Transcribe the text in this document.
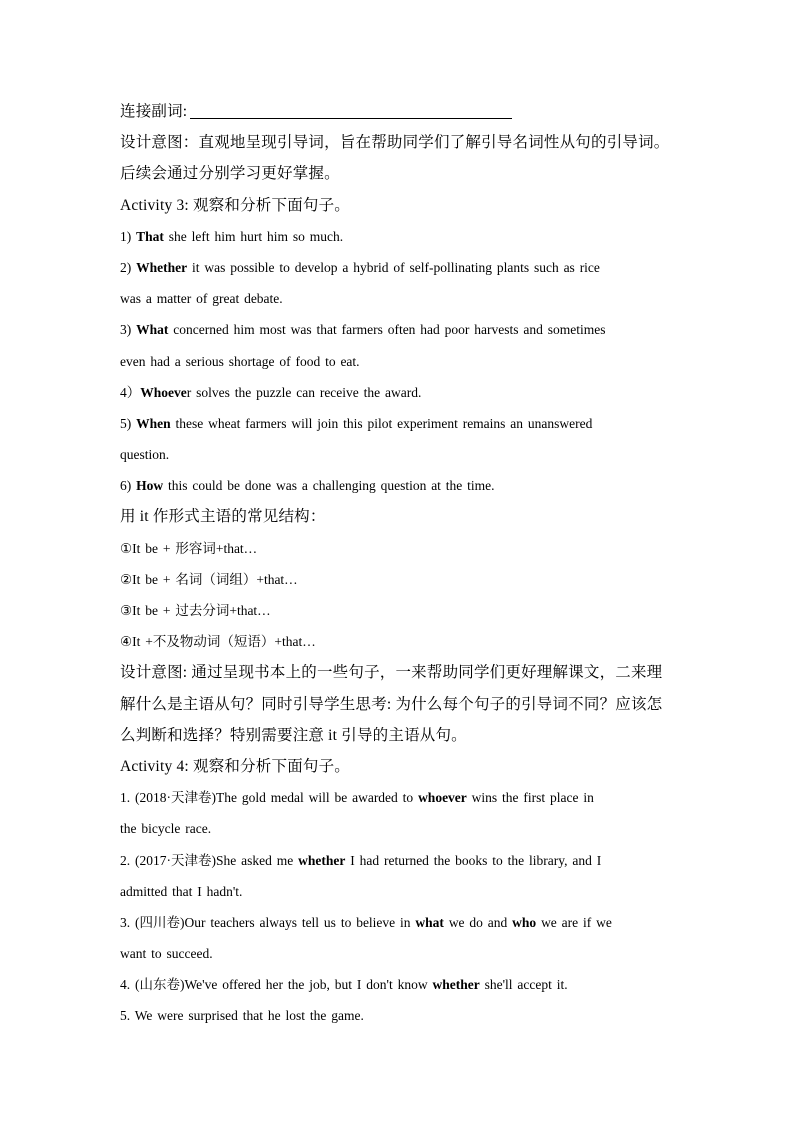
连接副词:
设计意图：直观地呈现引导词，旨在帮助同学们了解引导名词性从句的引导词。
后续会通过分别学习更好掌握。
Activity 3: 观察和分析下面句子。
1) That she left him hurt him so much.
2) Whether it was possible to develop a hybrid of self-pollinating plants such as rice
was a matter of great debate.
3) What concerned him most was that farmers often had poor harvests and sometimes
even had a serious shortage of food to eat.
4）Whoever solves the puzzle can receive the award.
5) When these wheat farmers will join this pilot experiment remains an unanswered
question.
6) How this could be done was a challenging question at the time.
用 it 作形式主语的常见结构：
①It be + 形容词+that…
②It be + 名词（词组）+that…
③It be + 过去分词+that…
④It +不及物动词（短语）+that…
设计意图: 通过呈现书本上的一些句子，一来帮助同学们更好理解课文，二来理
解什么是主语从句？同时引导学生思考: 为什么每个句子的引导词不同？应该怎
么判断和选择？特别需要注意 it 引导的主语从句。
Activity 4: 观察和分析下面句子。
1. (2018·天津卷)The gold medal will be awarded to whoever wins the first place in
the bicycle race.
2. (2017·天津卷)She asked me whether I had returned the books to the library, and I
admitted that I hadn't.
3. (四川卷)Our teachers always tell us to believe in what we do and who we are if we
want to succeed.
4. (山东卷)We've offered her the job, but I don't know whether she'll accept it.
5. We were surprised that he lost the game.
